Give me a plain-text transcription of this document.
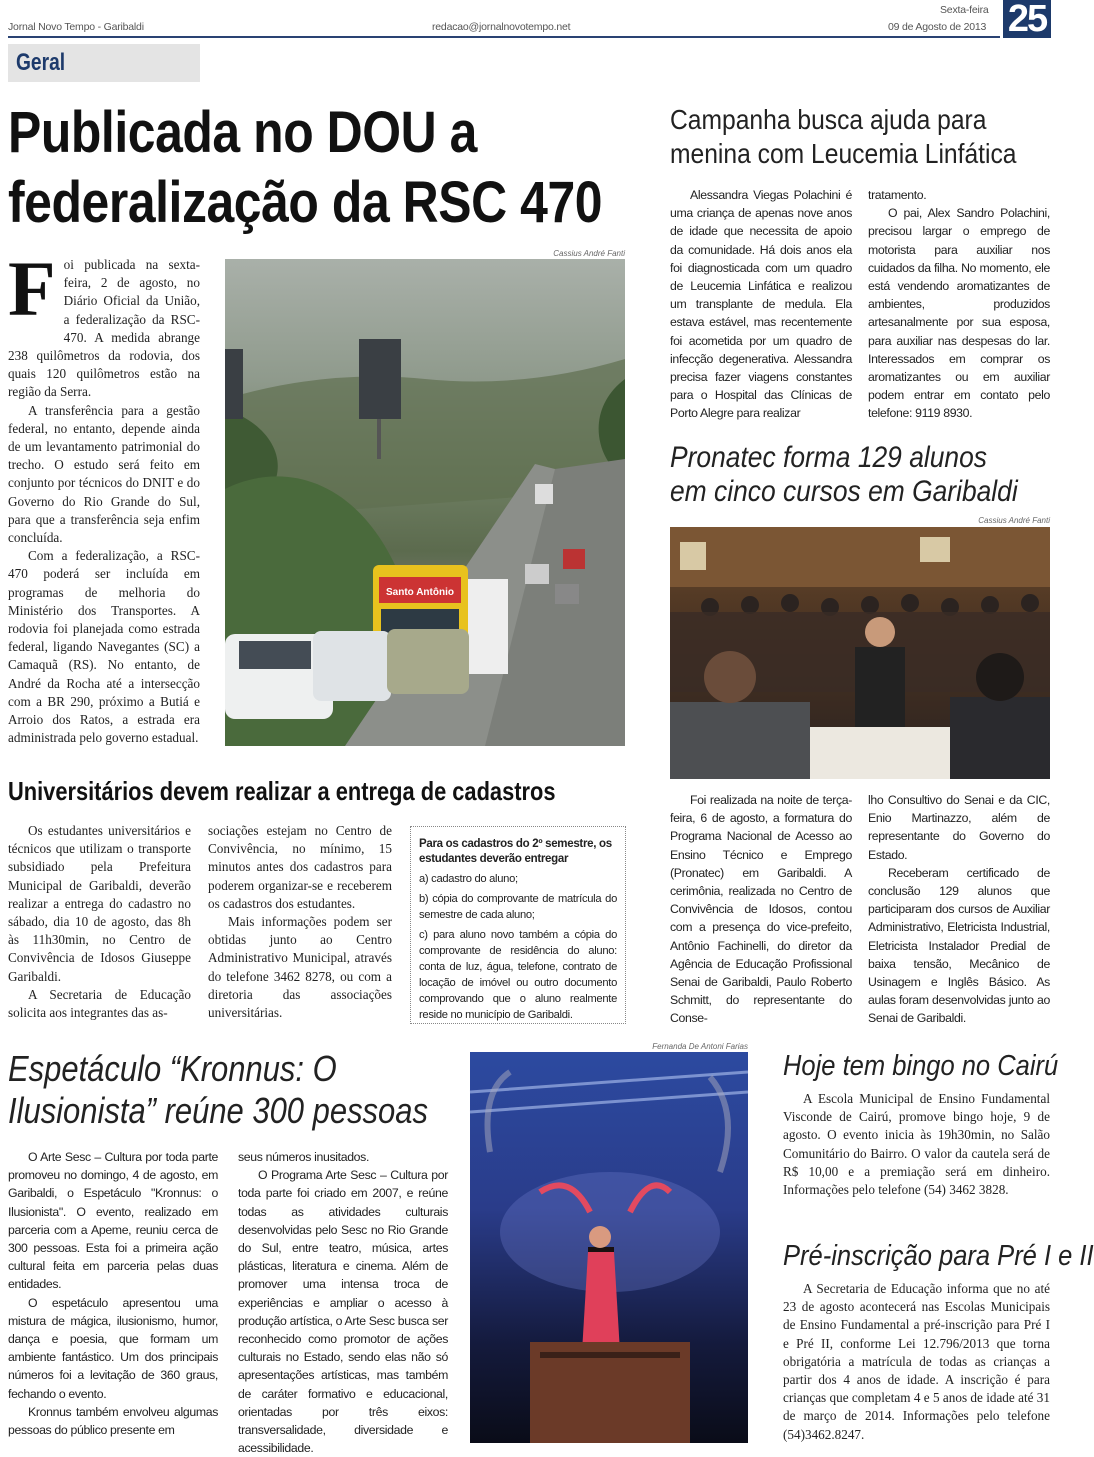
Jornal Novo Tempo - Garibaldi	redacao@jornalnovotempo.net
Sexta-feira
09 de Agosto de 2013 25
Geral
Publicada no DOU a
federalização da RSC 470

Foi publicada na sexta-feira, 2 de agosto, no Diário Oficial da União, a federalização da RSC-470. A medida abrange 238 quilômetros da rodovia, dos quais 120 quilômetros estão na região da Serra.

A transferência para a gestão federal, no entanto, depende ainda de um levantamento patrimonial do trecho. O estudo será feito em conjunto por técnicos do DNIT e do Governo do Rio Grande do Sul, para que a transferência seja enfim concluída.

Com a federalização, a RSC-470 poderá ser incluída em programas de melhoria do Ministério dos Transportes. A rodovia foi planejada como estrada federal, ligando Navegantes (SC) a Camaquã (RS). No entanto, de André da Rocha até a intersecção com a BR 290, próximo a Butiá e Arroio dos Ratos, a estrada era administrada pelo governo estadual.

Cassius André Fanti
Santo Antônio
Campanha busca ajuda para
menina com Leucemia Linfática

Alessandra Viegas Polachini é uma criança de apenas nove anos de idade que necessita de apoio da comunidade. Há dois anos ela foi diagnosticada com um quadro de Leucemia Linfática e realizou um transplante de medula. Ela estava estável, mas recentemente foi acometida por um quadro de infecção degenerativa. Alessandra precisa fazer viagens constantes para o Hospital das Clínicas de Porto Alegre para realizar

tratamento.

O pai, Alex Sandro Polachini, precisou largar o emprego de motorista para auxiliar nos cuidados da filha. No momento, ele está vendendo aromatizantes de ambientes, produzidos artesanalmente por sua esposa, para auxiliar nas despesas do lar. Interessados em comprar os aromatizantes ou em auxiliar podem entrar em contato pelo telefone: 9119 8930.

Pronatec forma 129 alunos
em cinco cursos em Garibaldi
Cassius André Fanti

Foi realizada na noite de terça-feira, 6 de agosto, a formatura do Programa Nacional de Acesso ao Ensino Técnico e Emprego (Pronatec) em Garibaldi. A cerimônia, realizada no Centro de Convivência de Idosos, contou com a presença do vice-prefeito, Antônio Fachinelli, do diretor da Agência de Educação Profissional Senai de Garibaldi, Paulo Roberto Schmitt, do representante do Conse-

lho Consultivo do Senai e da CIC, Enio Martinazzo, além de representante do Governo do Estado.

Receberam certificado de conclusão 129 alunos que participaram dos cursos de Auxiliar Administrativo, Eletricista Industrial, Eletricista Instalador Predial de baixa tensão, Mecânico de Usinagem e Inglês Básico. As aulas foram desenvolvidas junto ao Senai de Garibaldi.

Universitários devem realizar a entrega de cadastros

Os estudantes universitários e técnicos que utilizam o transporte subsidiado pela Prefeitura Municipal de Garibaldi, deverão realizar a entrega do cadastro no sábado, dia 10 de agosto, das 8h às 11h30min, no Centro de Convivência de Idosos Giuseppe Garibaldi.

A Secretaria de Educação solicita aos integrantes das as-

sociações estejam no Centro de Convivência, no mínimo, 15 minutos antes dos cadastros para poderem organizar-se e receberem os cadastros dos estudantes.

Mais informações podem ser obtidas junto ao Centro Administrativo Municipal, através do telefone 3462 8278, ou com a diretoria das associações universitárias.

Para os cadastros do 2º semestre, os estudantes deverão entregar

a) cadastro do aluno;

b) cópia do comprovante de matrícula do semestre de cada aluno;

c) para aluno novo também a cópia do comprovante de residência do aluno: conta de luz, água, telefone, contrato de locação de imóvel ou outro documento comprovando que o aluno realmente reside no município de Garibaldi.

Espetáculo “Kronnus: O
Ilusionista” reúne 300 pessoas

O Arte Sesc – Cultura por toda parte promoveu no domingo, 4 de agosto, em Garibaldi, o Espetáculo "Kronnus: o Ilusionista". O evento, realizado em parceria com a Apeme, reuniu cerca de 300 pessoas. Esta foi a primeira ação cultural feita em parceria pelas duas entidades.

O espetáculo apresentou uma mistura de mágica, ilusionismo, humor, dança e poesia, que formam um ambiente fantástico. Um dos principais números foi a levitação de 360 graus, fechando o evento.

Kronnus também envolveu algumas pessoas do público presente em

seus números inusitados.

O Programa Arte Sesc – Cultura por toda parte foi criado em 2007, e reúne todas as atividades culturais desenvolvidas pelo Sesc no Rio Grande do Sul, entre teatro, música, artes plásticas, literatura e cinema. Além de promover uma intensa troca de experiências e ampliar o acesso à produção artística, o Arte Sesc busca ser reconhecido como promotor de ações culturais no Estado, sendo elas não só apresentações artísticas, mas também de caráter formativo e educacional, orientadas por três eixos: transversalidade, diversidade e acessibilidade.

Fernanda De Antoni Farias
Hoje tem bingo no Cairú

A Escola Municipal de Ensino Fundamental Visconde de Cairú, promove bingo hoje, 9 de agosto. O evento inicia às 19h30min, no Salão Comunitário do Bairro. O valor da cautela será de R$ 10,00 e a premiação será em dinheiro. Informações pelo telefone (54) 3462 3828.

Pré-inscrição para Pré I e II

A Secretaria de Educação informa que no até 23 de agosto acontecerá nas Escolas Municipais de Ensino Fundamental a pré-inscrição para Pré I e Pré II, conforme Lei 12.796/2013 que torna obrigatória a matrícula de todas as crianças a partir dos 4 anos de idade. A inscrição é para crianças que completam 4 e 5 anos de idade até 31 de março de 2014. Informações pelo telefone (54)3462.8247.
